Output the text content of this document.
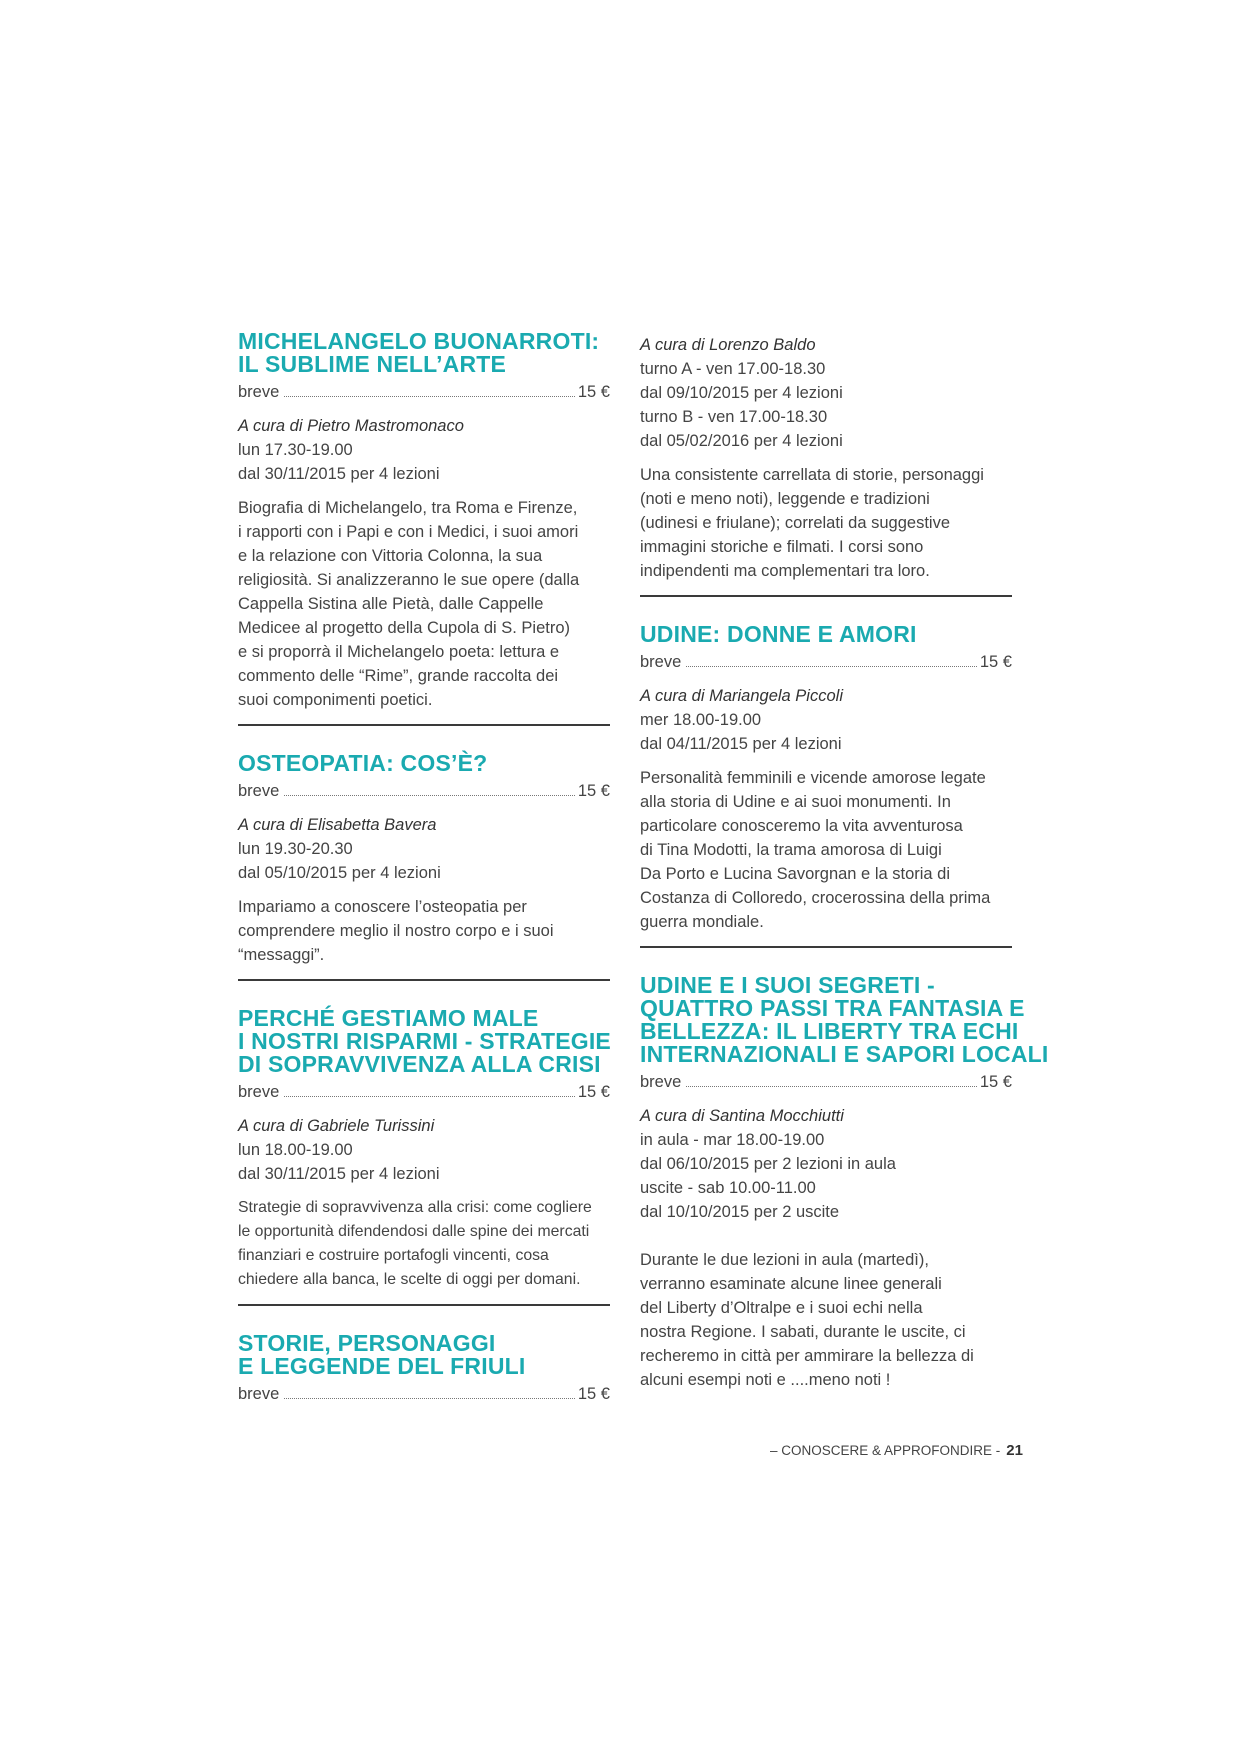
MICHELANGELO BUONARROTI:
IL SUBLIME NELL’ARTE
breve	15 €
A cura di Pietro Mastromonaco
lun 17.30-19.00
dal 30/11/2015 per 4 lezioni
Biografia di Michelangelo, tra Roma e Firenze,
i rapporti con i Papi e con i Medici, i suoi amori
e la relazione con Vittoria Colonna, la sua
religiosità. Si analizzeranno le sue opere (dalla
Cappella Sistina alle Pietà, dalle Cappelle
Medicee al progetto della Cupola di S. Pietro)
e si proporrà il Michelangelo poeta: lettura e
commento delle “Rime”, grande raccolta dei
suoi componimenti poetici.
OSTEOPATIA: COS’È?
breve	15 €
A cura di Elisabetta Bavera
lun 19.30-20.30
dal 05/10/2015 per 4 lezioni
Impariamo a conoscere l’osteopatia per
comprendere meglio il nostro corpo e i suoi
“messaggi”.
PERCHÉ GESTIAMO MALE
I NOSTRI RISPARMI - STRATEGIE
DI SOPRAVVIVENZA ALLA CRISI
breve	15 €
A cura di Gabriele Turissini
lun 18.00-19.00
dal 30/11/2015 per 4 lezioni
Strategie di sopravvivenza alla crisi: come cogliere
le opportunità difendendosi dalle spine dei mercati
finanziari e costruire portafogli vincenti, cosa
chiedere alla banca, le scelte di oggi per domani.
STORIE, PERSONAGGI
E LEGGENDE DEL FRIULI
breve	15 €
A cura di Lorenzo Baldo
turno A - ven 17.00-18.30
dal 09/10/2015 per 4 lezioni
turno B - ven 17.00-18.30
dal 05/02/2016 per 4 lezioni
Una consistente carrellata di storie, personaggi
(noti e meno noti), leggende e tradizioni
(udinesi e friulane); correlati da suggestive
immagini storiche e filmati. I corsi sono
indipendenti ma complementari tra loro.
UDINE: DONNE E AMORI
breve	15 €
A cura di Mariangela Piccoli
mer 18.00-19.00
dal 04/11/2015 per 4 lezioni
Personalità femminili e vicende amorose legate
alla storia di Udine e ai suoi monumenti. In
particolare conosceremo la vita avventurosa
di Tina Modotti, la trama amorosa di Luigi
Da Porto e Lucina Savorgnan e la storia di
Costanza di Colloredo, crocerossina della prima
guerra mondiale.
UDINE E I SUOI SEGRETI -
QUATTRO PASSI TRA FANTASIA E
BELLEZZA: IL LIBERTY TRA ECHI
INTERNAZIONALI E SAPORI LOCALI
breve	15 €
A cura di Santina Mocchiutti
in aula - mar 18.00-19.00
dal 06/10/2015 per 2 lezioni in aula
uscite - sab 10.00-11.00
dal 10/10/2015 per 2 uscite
Durante le due lezioni in aula (martedì),
verranno esaminate alcune linee generali
del Liberty d’Oltralpe e i suoi echi nella
nostra Regione. I sabati, durante le uscite, ci
recheremo in città per ammirare la bellezza di
alcuni esempi noti e ....meno noti !
– CONOSCERE & APPROFONDIRE - 21
